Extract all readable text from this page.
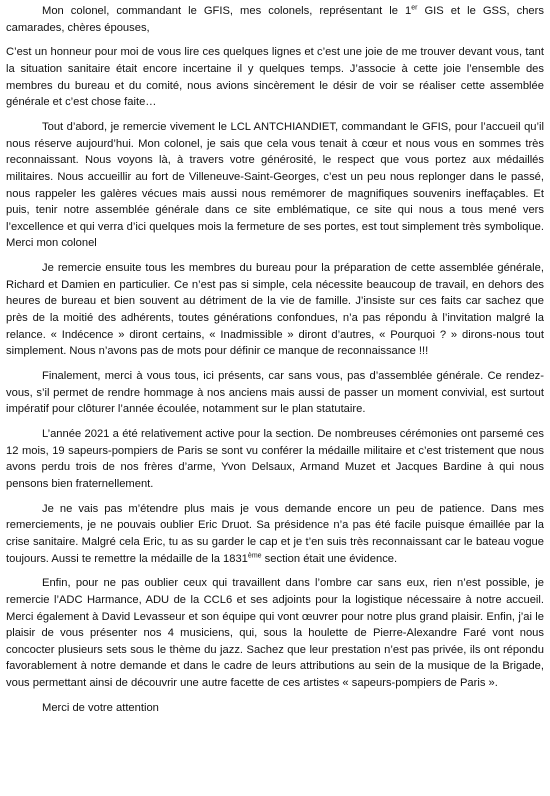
Mon colonel, commandant le GFIS, mes colonels, représentant le 1er GIS et le GSS, chers camarades, chères épouses,

C’est un honneur pour moi de vous lire ces quelques lignes et c’est une joie de me trouver devant vous, tant la situation sanitaire était encore incertaine il y quelques temps. J’associe à cette joie l’ensemble des membres du bureau et du comité, nous avions sincèrement le désir de voir se réaliser cette assemblée générale et c’est chose faite…

Tout d’abord, je remercie vivement le LCL ANTCHIANDIET, commandant le GFIS, pour l’accueil qu’il nous réserve aujourd’hui. Mon colonel, je sais que cela vous tenait à cœur et nous vous en sommes très reconnaissant. Nous voyons là, à travers votre générosité, le respect que vous portez aux médaillés militaires. Nous accueillir au fort de Villeneuve-Saint-Georges, c’est un peu nous replonger dans le passé, nous rappeler les galères vécues mais aussi nous remémorer de magnifiques souvenirs ineffaçables. Et puis, tenir notre assemblée générale dans ce site emblématique, ce site qui nous a tous mené vers l’excellence et qui verra d’ici quelques mois la fermeture de ses portes, est tout simplement très symbolique. Merci mon colonel

Je remercie ensuite tous les membres du bureau pour la préparation de cette assemblée générale, Richard et Damien en particulier. Ce n’est pas si simple, cela nécessite beaucoup de travail, en dehors des heures de bureau et bien souvent au détriment de la vie de famille. J’insiste sur ces faits car sachez que près de la moitié des adhérents, toutes générations confondues, n’a pas répondu à l’invitation malgré la relance. « Indécence » diront certains, « Inadmissible » diront d’autres, « Pourquoi ? » dirons-nous tout simplement. Nous n’avons pas de mots pour définir ce manque de reconnaissance !!!

Finalement, merci à vous tous, ici présents, car sans vous, pas d’assemblée générale. Ce rendez-vous, s’il permet de rendre hommage à nos anciens mais aussi de passer un moment convivial, est surtout impératif pour clôturer l’année écoulée, notamment sur le plan statutaire.

L’année 2021 a été relativement active pour la section. De nombreuses cérémonies ont parsemé ces 12 mois, 19 sapeurs-pompiers de Paris se sont vu conférer la médaille militaire et c’est tristement que nous avons perdu trois de nos frères d’arme, Yvon Delsaux, Armand Muzet et Jacques Bardine à qui nous pensons bien fraternellement.

Je ne vais pas m’étendre plus mais je vous demande encore un peu de patience. Dans mes remerciements, je ne pouvais oublier Eric Druot. Sa présidence n’a pas été facile puisque émaillée par la crise sanitaire. Malgré cela Eric, tu as su garder le cap et je t’en suis très reconnaissant car le bateau vogue toujours. Aussi te remettre la médaille de la 1831ème section était une évidence.

Enfin, pour ne pas oublier ceux qui travaillent dans l’ombre car sans eux, rien n’est possible, je remercie l’ADC Harmance, ADU de la CCL6 et ses adjoints pour la logistique nécessaire à notre accueil. Merci également à David Levasseur et son équipe qui vont œuvrer pour notre plus grand plaisir. Enfin, j’ai le plaisir de vous présenter nos 4 musiciens, qui, sous la houlette de Pierre-Alexandre Faré vont nous concocter plusieurs sets sous le thème du jazz. Sachez que leur prestation n’est pas privée, ils ont répondu favorablement à notre demande et dans le cadre de leurs attributions au sein de la musique de la Brigade, vous permettant ainsi de découvrir une autre facette de ces artistes « sapeurs-pompiers de Paris ».

Merci de votre attention
